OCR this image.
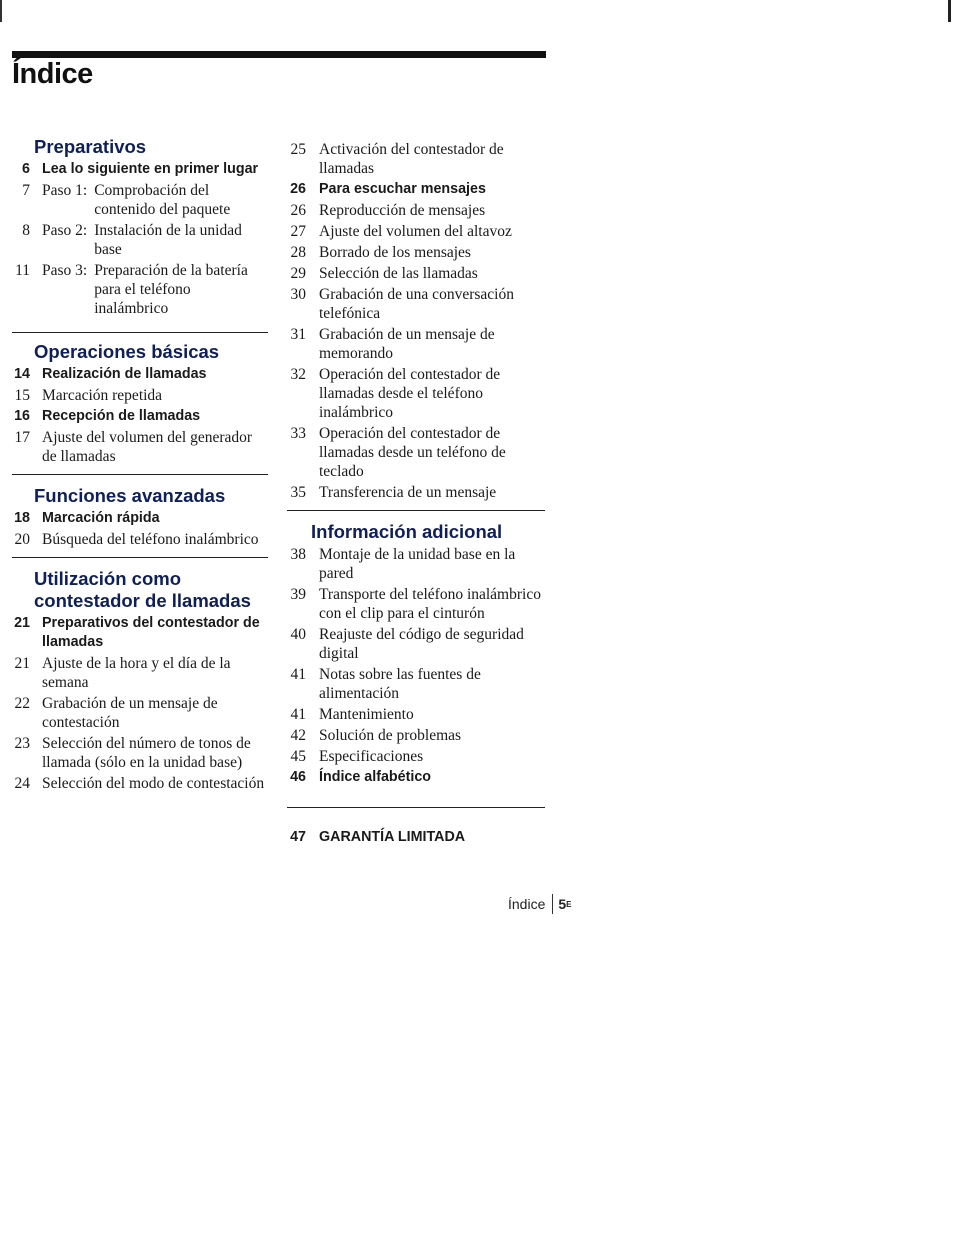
Índice
Preparativos
6 Lea lo siguiente en primer lugar
7 Paso 1: Comprobación del contenido del paquete
8 Paso 2: Instalación de la unidad base
11 Paso 3: Preparación de la batería para el teléfono inalámbrico
Operaciones básicas
14 Realización de llamadas
15 Marcación repetida
16 Recepción de llamadas
17 Ajuste del volumen del generador de llamadas
Funciones avanzadas
18 Marcación rápida
20 Búsqueda del teléfono inalámbrico
Utilización como contestador de llamadas
21 Preparativos del contestador de llamadas
21 Ajuste de la hora y el día de la semana
22 Grabación de un mensaje de contestación
23 Selección del número de tonos de llamada (sólo en la unidad base)
24 Selección del modo de contestación
25 Activación del contestador de llamadas
26 Para escuchar mensajes
26 Reproducción de mensajes
27 Ajuste del volumen del altavoz
28 Borrado de los mensajes
29 Selección de las llamadas
30 Grabación de una conversación telefónica
31 Grabación de un mensaje de memorando
32 Operación del contestador de llamadas desde el teléfono inalámbrico
33 Operación del contestador de llamadas desde un teléfono de teclado
35 Transferencia de un mensaje
Información adicional
38 Montaje de la unidad base en la pared
39 Transporte del teléfono inalámbrico con el clip para el cinturón
40 Reajuste del código de seguridad digital
41 Notas sobre las fuentes de alimentación
41 Mantenimiento
42 Solución de problemas
45 Especificaciones
46 Índice alfabético
47 GARANTÍA LIMITADA
Índice 5 E
